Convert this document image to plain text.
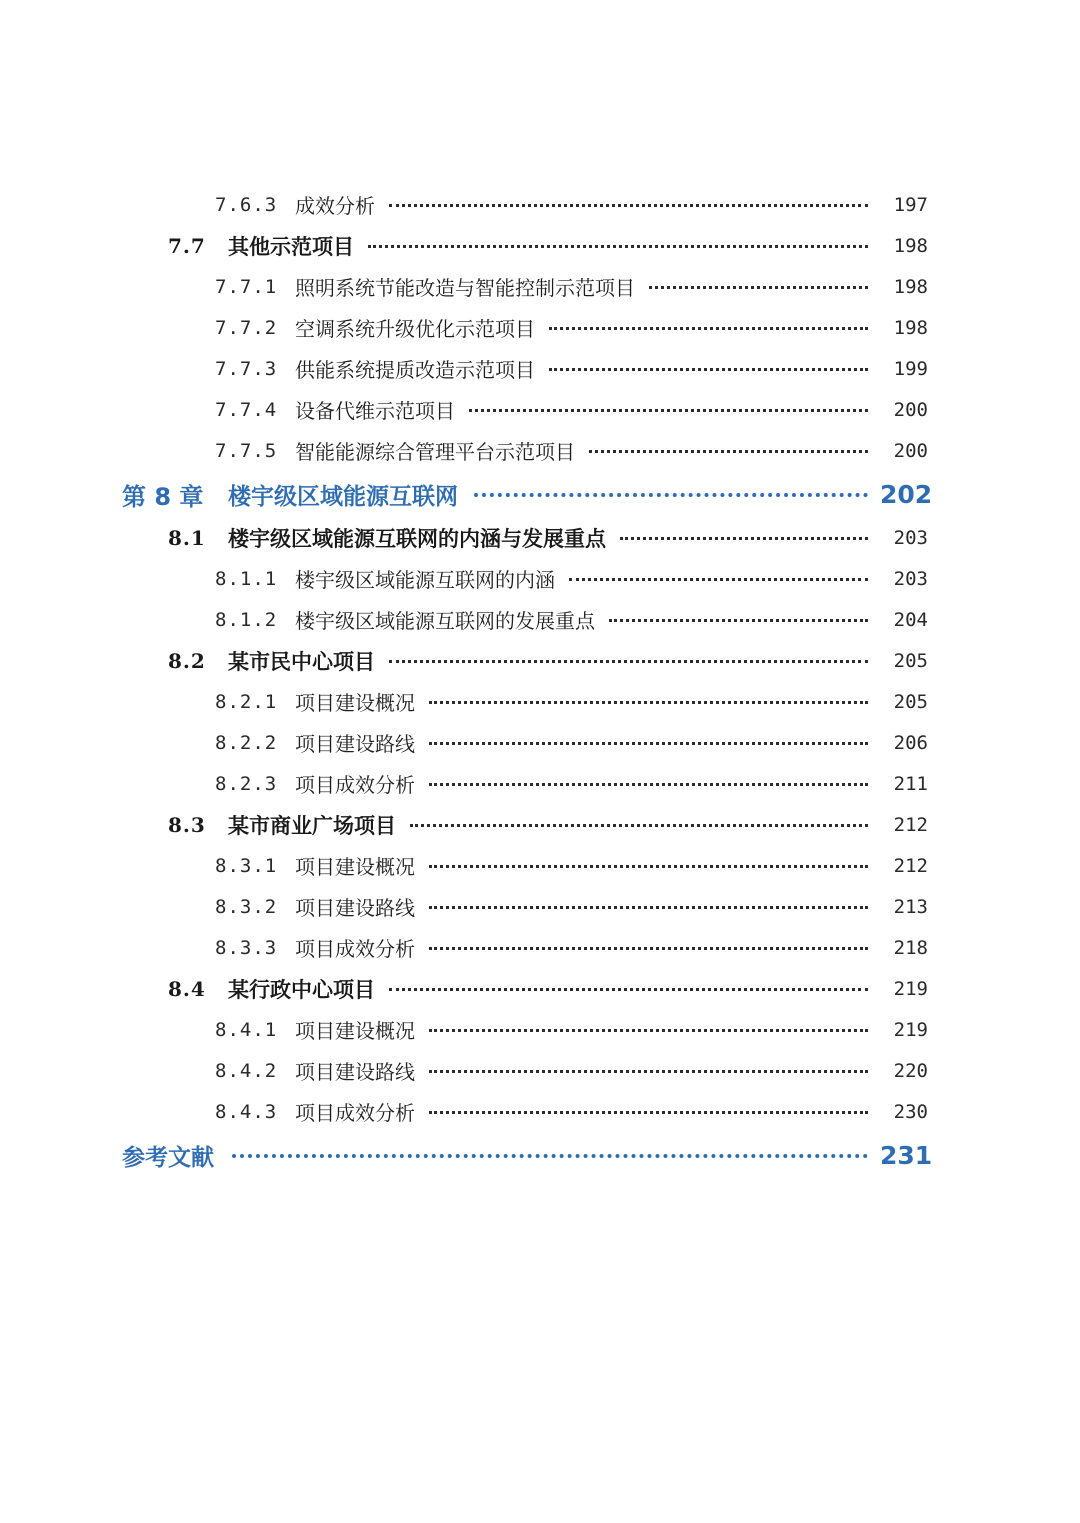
7.6.3 成效分析	197
7.7	其他示范项目	198
7.7.1 照明系统节能改造与智能控制示范项目	198
7.7.2 空调系统升级优化示范项目	198
7.7.3 供能系统提质改造示范项目	199
7.7.4 设备代维示范项目	200
7.7.5 智能能源综合管理平台示范项目	200
第 8 章	楼宇级区域能源互联网	202
8.1	楼宇级区域能源互联网的内涵与发展重点	203
8.1.1 楼宇级区域能源互联网的内涵	203
8.1.2 楼宇级区域能源互联网的发展重点	204
8.2	某市民中心项目	205
8.2.1 项目建设概况	205
8.2.2 项目建设路线	206
8.2.3 项目成效分析	211
8.3	某市商业广场项目	212
8.3.1 项目建设概况	212
8.3.2 项目建设路线	213
8.3.3 项目成效分析	218
8.4	某行政中心项目	219
8.4.1 项目建设概况	219
8.4.2 项目建设路线	220
8.4.3 项目成效分析	230
参考文献	231
